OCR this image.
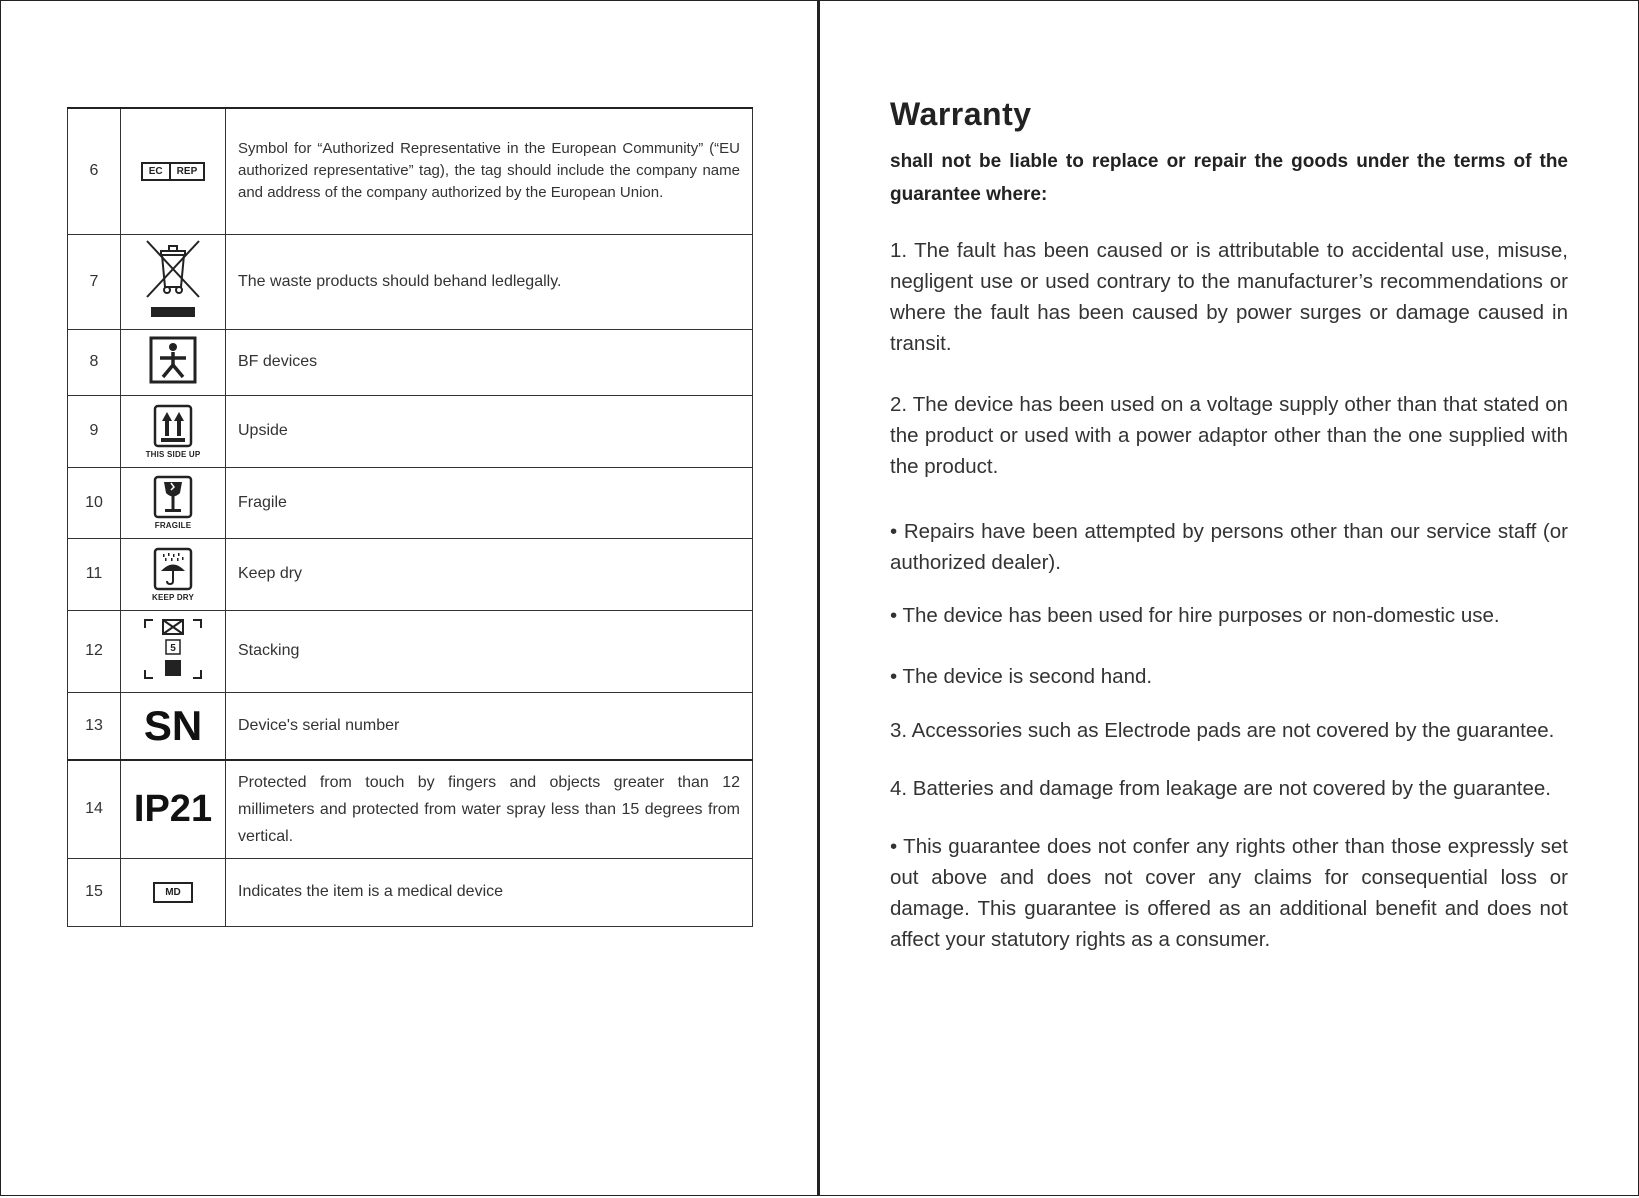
6	EC REP	Symbol for “Authorized Representative in the European Community” (“EU authorized representative” tag), the tag should include the company name and address of the company authorized by the European Union.

7		The waste products should behand ledlegally.
8		BF devices
9	THIS SIDE UP	Upside
10	FRAGILE	Fragile
11	KEEP DRY	Keep dry
12	5	Stacking
13	SN	Device's serial number
14	IP21	Protected from touch by fingers and objects greater than 12 millimeters and protected from water spray less than 15 degrees from vertical.

15	MD	Indicates the item is a medical device
Warranty

shall not be liable to replace or repair the goods under the terms of the guarantee where:

1. The fault has been caused or is attributable to accidental use, misuse, negligent use or used contrary to the manufacturer’s recommendations or where the fault has been caused by power surges or damage caused in transit.

2. The device has been used on a voltage supply other than that stated on the product or used with a power adaptor other than the one supplied with the product.

• Repairs have been attempted by persons other than our service staff (or authorized dealer).

• The device has been used for hire purposes or non-domestic use.

• The device is second hand.

3. Accessories such as Electrode pads are not covered by the guarantee.

4. Batteries and damage from leakage are not covered by the guarantee.

• This guarantee does not confer any rights other than those expressly set out above and does not cover any claims for consequential loss or damage. This guarantee is offered as an additional benefit and does not affect your statutory rights as a consumer.
